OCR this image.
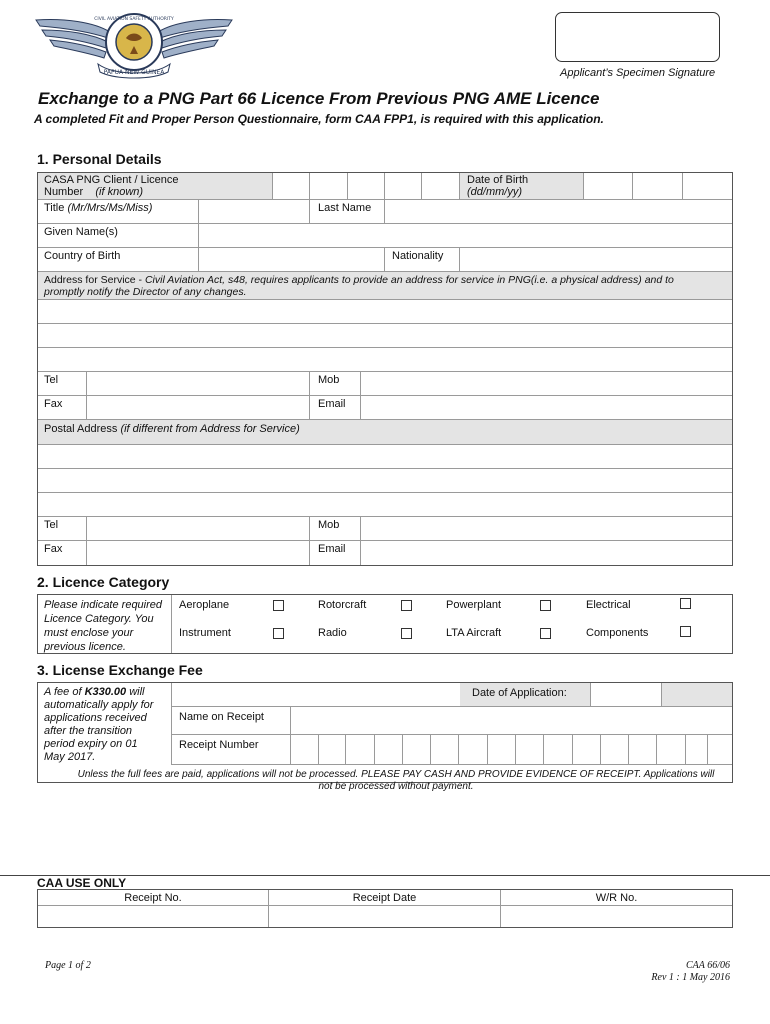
PAPUA NEW GUINEA
CIVIL AVIATION SAFETY AUTHORITY
Applicant’s Specimen Signature
Exchange to a PNG Part 66 Licence From Previous PNG AME Licence
A completed Fit and Proper Person Questionnaire, form CAA FPP1, is required with this application.
1. Personal Details
CASA PNG Client / Licence
Number (if known)
Date of Birth
(dd/mm/yy)
Title (Mr/Mrs/Ms/Miss)	Last Name
Given Name(s)
Country of Birth	Nationality
Address for Service - Civil Aviation Act, s48, requires applicants to provide an address for service in PNG(i.e. a physical address) and to
promptly notify the Director of any changes.
Tel	Mob
Fax	Email
Postal Address (if different from Address for Service)
Tel	Mob
Fax	Email
2. Licence Category
Please indicate required
Licence Category. You
must enclose your
previous licence.
Aeroplane	Rotorcraft	Powerplant	Electrical
Instrument	Radio	LTA Aircraft	Components
3. License Exchange Fee
A fee of K330.00 will
automatically apply for
applications received
after the transition
period expiry on 01
May 2017.
Date of Application:
Name on Receipt
Receipt Number
Unless the full fees are paid, applications will not be processed. PLEASE PAY CASH AND PROVIDE EVIDENCE OF RECEIPT. Applications will
not be processed without payment.
CAA USE ONLY
Receipt No.	Receipt Date	W/R No.
Page 1 of 2	CAA 66/06
Rev 1 : 1 May 2016
